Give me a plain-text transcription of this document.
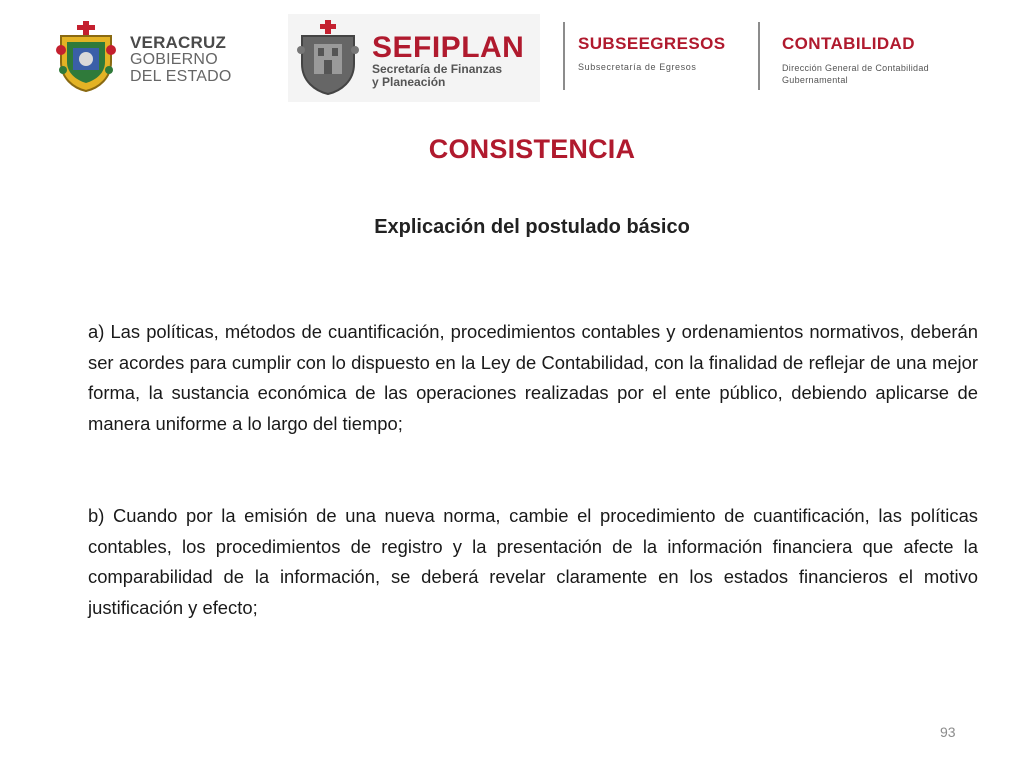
VERACRUZ
GOBIERNO
DEL ESTADO
SEFIPLAN
Secretaría de Finanzas
y Planeación
SUBSEEGRESOS
Subsecretaría de Egresos
CONTABILIDAD
Dirección General de Contabilidad
Gubernamental
CONSISTENCIA
Explicación del postulado básico

a) Las políticas, métodos de cuantificación, procedimientos contables y ordenamientos normativos, deberán ser acordes para cumplir con lo dispuesto en la Ley de Contabilidad, con la finalidad de reflejar de una mejor forma, la sustancia económica de las operaciones realizadas por el ente público, debiendo aplicarse de manera uniforme a lo largo del tiempo;

b) Cuando por la emisión de una nueva norma, cambie el procedimiento de cuantificación, las políticas contables, los procedimientos de registro y la presentación de la información financiera que afecte la comparabilidad de la información, se deberá revelar claramente en los estados financieros el motivo justificación y efecto;

93
